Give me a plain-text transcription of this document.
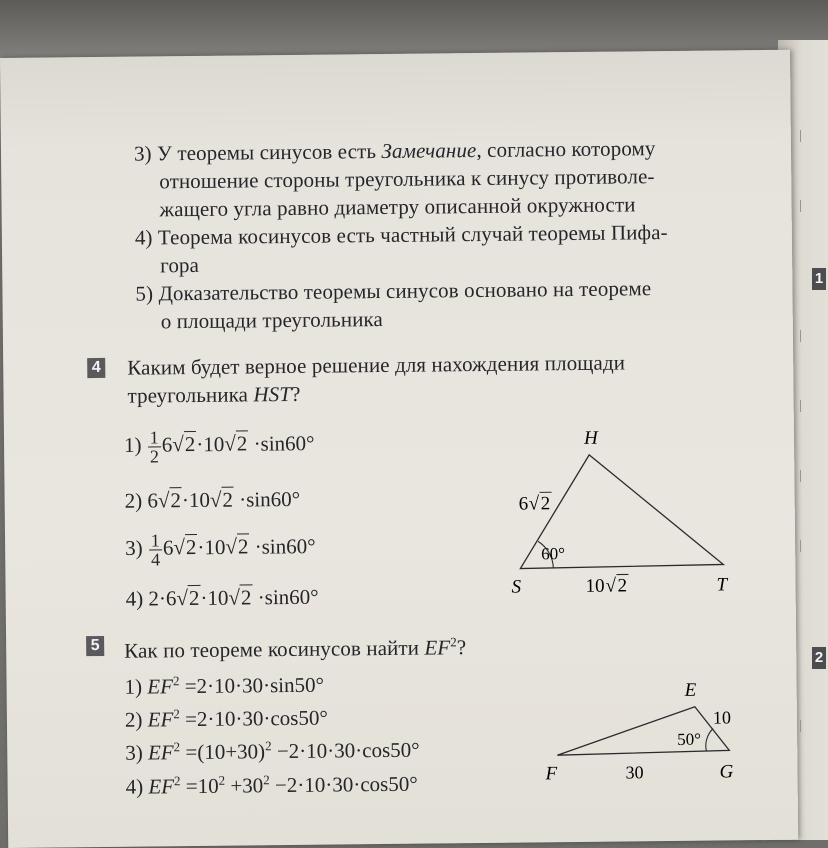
1
2
3) У теоремы синусов есть Замечание, согласно которому
отношение стороны треугольника к синусу противоле-
жащего угла равно диаметру описанной окружности
4) Теорема косинусов есть частный случай теоремы Пифа-
гора
5) Доказательство теоремы синусов основано на теореме
о площади треугольника
4 Каким будет верное решение для нахождения площади
треугольника HST?
$1) \frac{1}{2} 6√2\cdot 10√2 \cdot\sin 60^\circ$
2) 6√2·10√2 ·sin60°
$3) \frac{1}{4} 6√2\cdot 10√2 \cdot\sin 60^\circ$
4) 2·6√2·10√2 ·sin60°
H
S	T
6 √ 2
10 √ 2
60°
5 Как по теореме косинусов найти $EF^2$?
1) $EF^2 =2\cdot 10\cdot 30\cdot\sin 50^\circ$
2) $EF^2 =2\cdot 10\cdot 30\cdot\cos 50^\circ$
3) $EF^2 =(10+30)^2 -2\cdot 10\cdot 30\cdot\cos 50^\circ$
4) $EF^2 =10^2 +30^2 -2\cdot 10\cdot 30\cdot\cos 50^\circ$
E
F	G
10
30
50°
